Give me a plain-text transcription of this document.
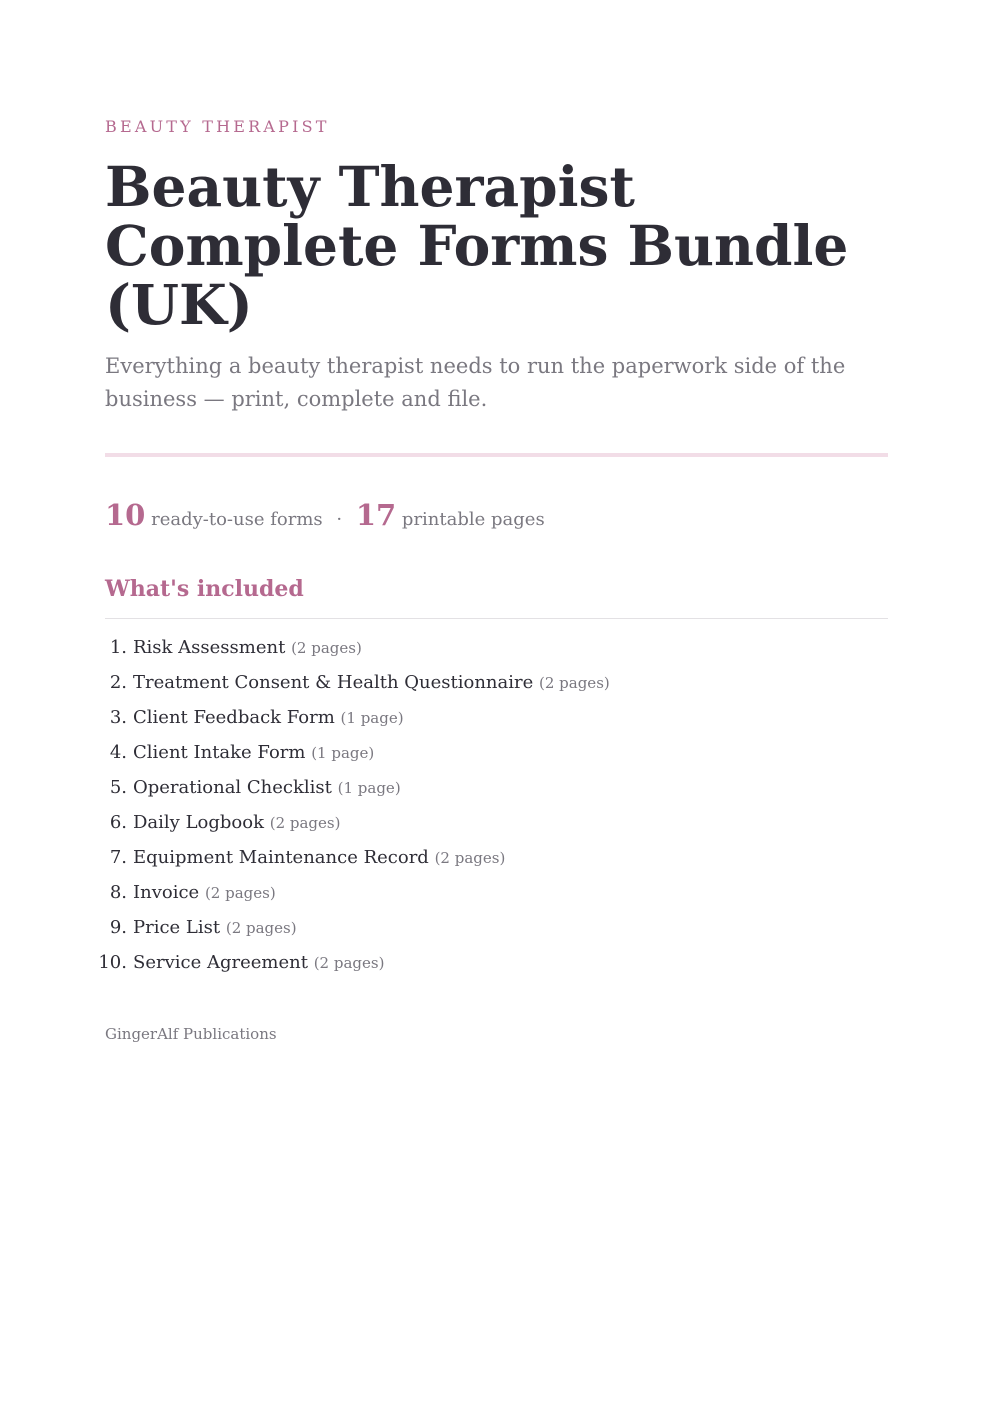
BEAUTY THERAPIST
Beauty Therapist Complete Forms Bundle (UK)

Everything a beauty therapist needs to run the paperwork side of the business — print, complete and file.

10 ready-to-use forms · 17 printable pages
What's included
1. Risk Assessment (2 pages)
2. Treatment Consent & Health Questionnaire (2 pages)
3. Client Feedback Form (1 page)
4. Client Intake Form (1 page)
5. Operational Checklist (1 page)
6. Daily Logbook (2 pages)
7. Equipment Maintenance Record (2 pages)
8. Invoice (2 pages)
9. Price List (2 pages)
10. Service Agreement (2 pages)
GingerAlf Publications
